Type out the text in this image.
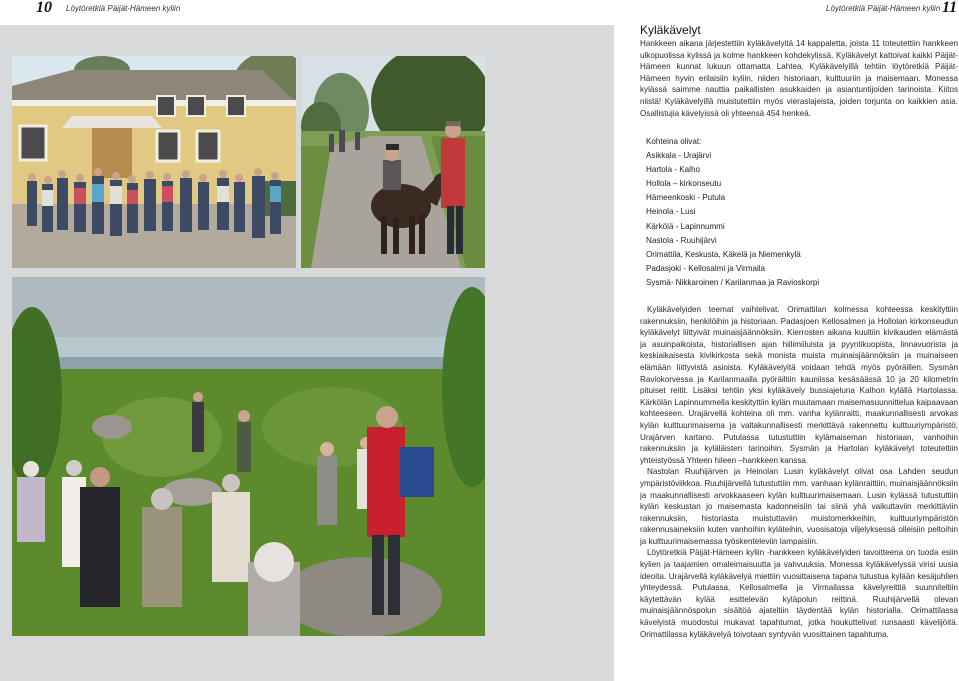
10 Löytöretkiä Päijät-Hämeen kyliin	Löytöretkiä Päijät-Hämeen kyliin 11
Kyläkävelyt

Hankkeen aikana järjestettiin kyläkävelyitä 14 kappaletta, joista 11 toteutettiin hankkeen ulkopuolissa kylissä ja kolme hankkeen kohdekylissä. Kyläkävelyt kattoivat kaikki Päijät-Hämeen kunnat lukuun ottamatta Lahtea. Kyläkävelyillä tehtiin löytöretkiä Päijät-Hämeen hyvin erilaisiin kyliin, niiden historiaan, kulttuuriin ja maisemaan. Monessa kylässä saimme nauttia paikallisten asukkaiden ja asiantuntijoiden tarinoista. Kiitos niistä! Kyläkävelyillä muistutettiin myös vieraslajeista, joiden torjunta on kaikkien asia. Osallistujia kävelyissä oli yhteensä 454 henkeä.

Kohteina olivat:
Asikkala - Urajärvi
Hartola - Kalho
Hollola – kirkonseutu
Hämeenkoski - Putula
Heinola - Lusi
Kärkölä - Lapinnummi
Nastola - Ruuhijärvi
Orimattila, Keskusta, Käkelä ja Niemenkylä
Padasjoki - Kellosalmi ja Virmaila
Sysmä- Nikkaroinen / Karilanmaa ja Ravioskorpi

Kyläkävelyiden teemat vaihtelivat. Orimattilan kolmessa kohteessa keskityttiin rakennuksiin, henkilöihin ja historiaan. Padasjoen Kellosalmen ja Hollolan kirkonseudun kyläkävelyt liittyivät muinaisjäännöksiin. Kierrosten aikana kuultiin kivikauden elämästä ja asuinpaikoista, historiallisen ajan hiilimiiluista ja pyyntikuopista, linnavuorista ja keskiaikaisesta kivikirkosta sekä monista muista muinaisjäännöksiin ja muinaiseen elämään liittyvistä asioista. Kyläkävelyitä voidaan tehdä myös pyöräillen. Sysmän Raviokorvessa ja Karilanmaalla pyöräiltiin kauniissa kesäsäässä 10 ja 20 kilometrin pituiset reitit. Lisäksi tehtiin yksi kyläkävely bussiajeluna Kalhon kylällä Hartolassa. Kärkölän Lapinnummella keskityttiin kylän muutamaan maisemasuunnittelua kaipaavaan kohteeseen. Urajärvellä kohteina oli mm. vanha kylänraitti, maakunnallisesti arvokas kylän kulttuurimaisema ja valtakunnallisesti merkittävä rakennettu kulttuuriympäristö; Urajärven kartano. Putulassa tutustuttiin kylämaiseman historiaan, vanhoihin rakennuksiin ja kyläläisten tarinoihin. Sysmän ja Hartolan kyläkävelyt toteutettiin yhteistyössä Yhteen hileen –hankkeen kanssa.

Nastolan Ruuhijärven ja Heinolan Lusin kyläkävelyt olivat osa Lahden seudun ympäristöviikkoa. Ruuhijärvellä tutustuttiin mm. vanhaan kylänraittiin, muinaisjäännöksiin ja maakunnallisesti arvokkaaseen kylän kulttuurimaisemaan. Lusin kylässä tutustuttiin kylän keskustan jo maisemasta kadonneisiin tai siinä yhä vaikuttaviin merkittäviin rakennuksiin, historiasta muistuttaviin muistomerkkeihin, kulttuuriympäristön rakennusaineksiin kuten vanhoihin kyläteihin, vuosisatoja viljelyksessä olleisiin peltoihin ja kulttuurimaisemassa työskenteleviin lampaisiin.

Löytöretkiä Päijät-Hämeen kyliin -hankkeen kyläkävelyiden tavoitteena on tuoda esiin kylien ja taajamien omaleimaisuutta ja vahvuuksia. Monessa kyläkävelyssä virisi uusia ideoita. Urajärvellä kyläkävelyä miettiin vuosittaisena tapana tutustua kylään kesäjuhlien yhteydessä. Putulassa, Kellosalmella ja Virmailassa kävelyreittiä suunniteltiin käytettävän kylää esittelevän kyläpolun reittinä. Ruuhijärvellä olevan muinaisjäännöspolun sisältöä ajateltiin täydentää kylän historialla. Orimattilassa kävelyistä muodostui mukavat tapahtumat, jotka houkuttelivat runsaasti kävelijöitä. Orimattilassa kyläkävelyä toivotaan syntyvän vuosittainen tapahtuma.
